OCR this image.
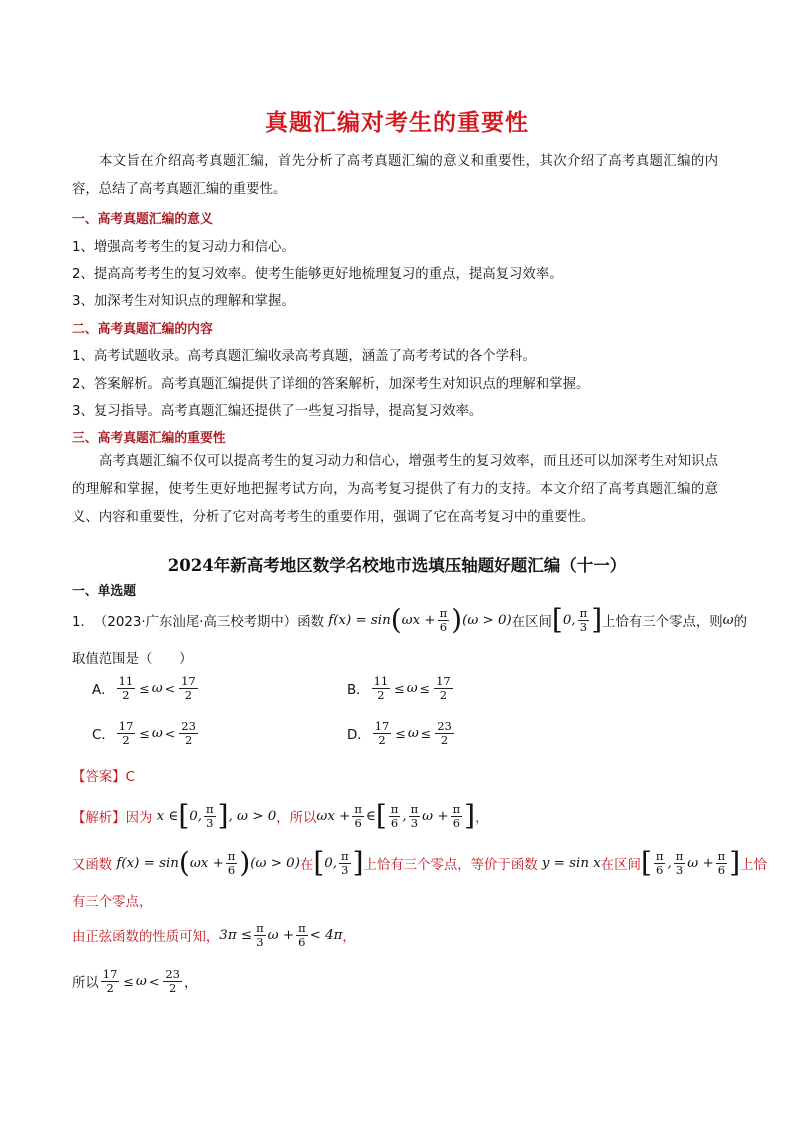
真题汇编对考生的重要性
本文旨在介绍高考真题汇编，首先分析了高考真题汇编的意义和重要性，其次介绍了高考真题汇编的内容，总结了高考真题汇编的重要性。
一、高考真题汇编的意义
1、增强高考考生的复习动力和信心。
2、提高高考考生的复习效率。使考生能够更好地梳理复习的重点，提高复习效率。
3、加深考生对知识点的理解和掌握。
二、高考真题汇编的内容
1、高考试题收录。高考真题汇编收录高考真题，涵盖了高考考试的各个学科。
2、答案解析。高考真题汇编提供了详细的答案解析，加深考生对知识点的理解和掌握。
3、复习指导。高考真题汇编还提供了一些复习指导，提高复习效率。
三、高考真题汇编的重要性
高考真题汇编不仅可以提高考生的复习动力和信心，增强考生的复习效率，而且还可以加深考生对知识点的理解和掌握，使考生更好地把握考试方向，为高考复习提供了有力的支持。本文介绍了高考真题汇编的意义、内容和重要性，分析了它对高考考生的重要作用，强调了它在高考复习中的重要性。
2024年新高考地区数学名校地市选填压轴题好题汇编（十一）
一、单选题
1． （2023·广东汕尾·高三校考期中） 函数 f(x) = sin ( $\omega x + \frac{\pi}{6}$ ) (ω > 0) 在区间 [ 0, $\frac{\pi}{3}$ ] 上恰有三个零点，则 ω 的
取值范围是（　　）
A． $\frac{11}{2} \le \omega < \frac{17}{2}$	B． $\frac{11}{2} \le \omega \le \frac{17}{2}$
C． $\frac{17}{2} \le \omega < \frac{23}{2}$	D． $\frac{17}{2} \le \omega \le \frac{23}{2}$
【答案】C
【解析】 因为 x ∈ [ 0, $\frac{\pi}{3}$ ] , ω > 0 ，所以 $\omega x + \frac{\pi}{6}$ ∈ [ $\frac{\pi}{6}$ , $\frac{\pi}{3}$ $\omega + \frac{\pi}{6}$ ] ，
又函数 f(x) = sin ( $\omega x + \frac{\pi}{6}$ ) (ω > 0) 在 [ 0, $\frac{\pi}{3}$ ] 上恰有三个零点，等价于函数 y = sin x 在区间 [ $\frac{\pi}{6}$ , $\frac{\pi}{3}$ $\omega + \frac{\pi}{6}$ ] 上恰
有三个零点，
由正弦函数的性质可知， $3\pi \le \frac{\pi}{3}$ $\omega + \frac{\pi}{6} < 4\pi$ ，
所以 $\frac{17}{2} \le \omega < \frac{23}{2}$ ，
